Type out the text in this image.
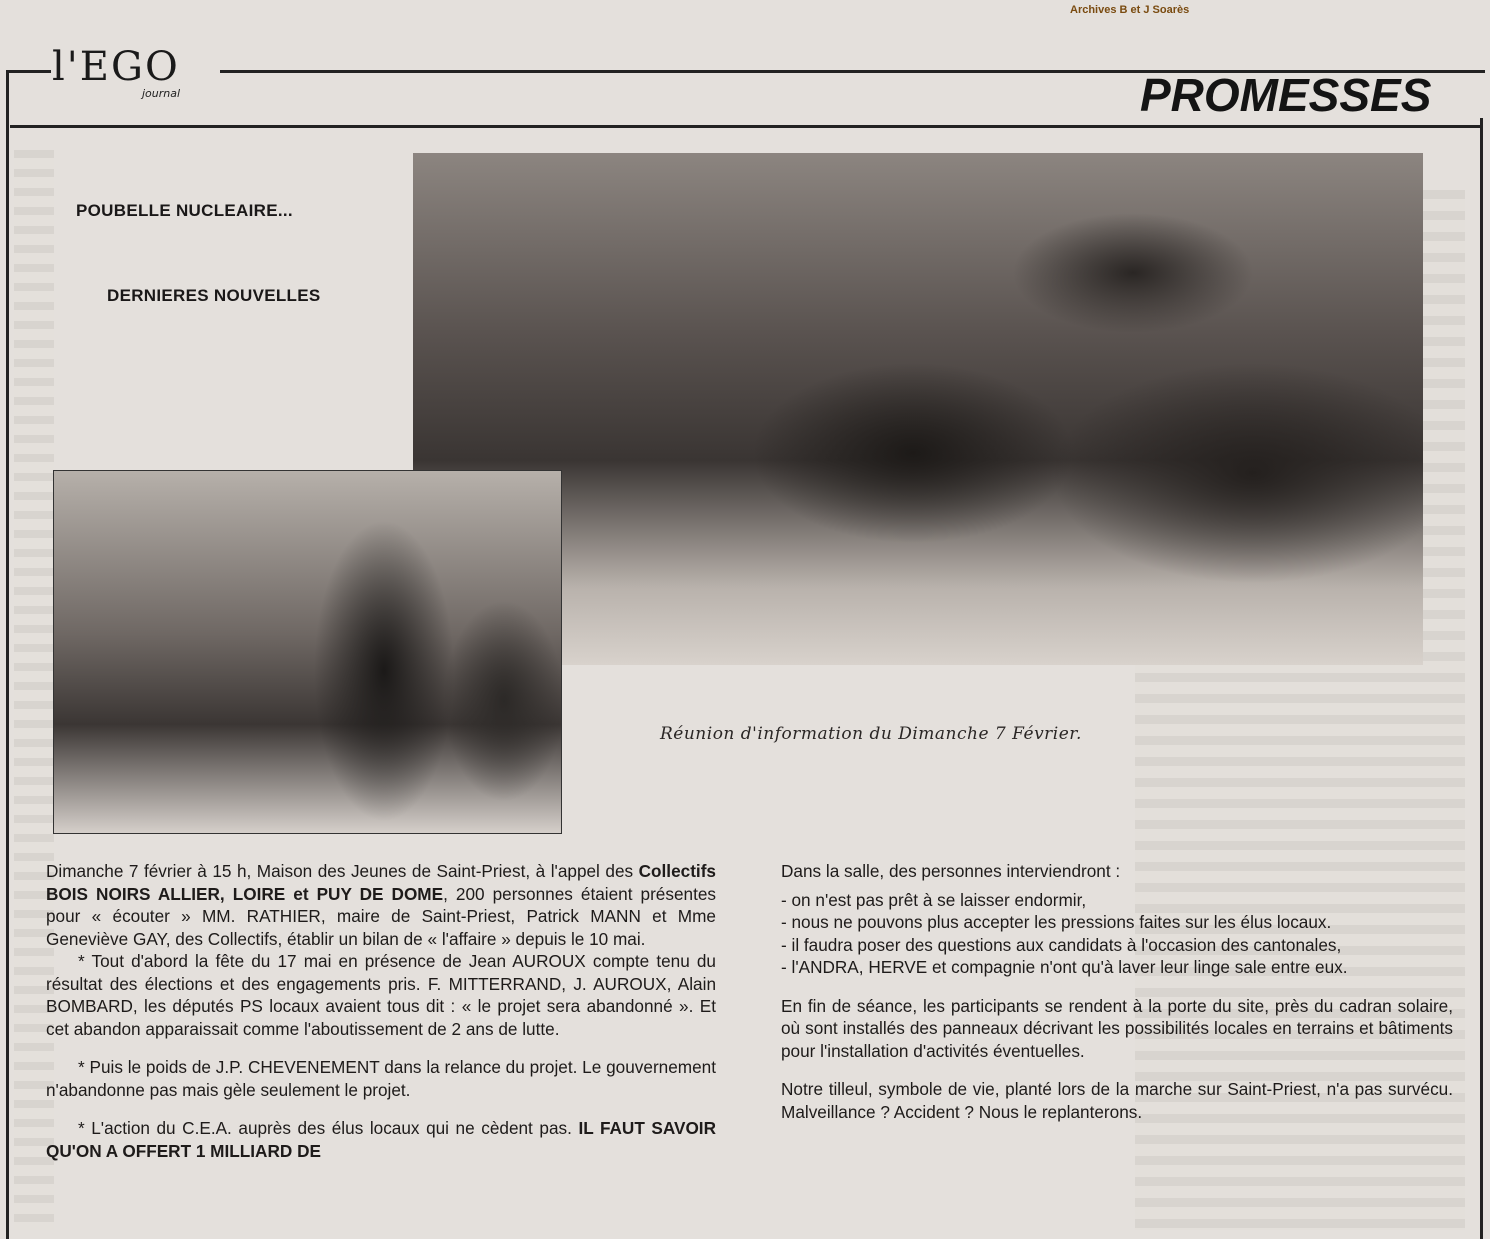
Archives B et J Soarès
l'EGO
journal	PROMESSES
POUBELLE NUCLEAIRE...
DERNIERES NOUVELLES
Réunion d'information du Dimanche 7 Février.

Dimanche 7 février à 15 h, Maison des Jeunes de Saint-Priest, à l'appel des Collectifs BOIS NOIRS ALLIER, LOIRE et PUY DE DOME, 200 personnes étaient présentes pour « écouter » MM. RATHIER, maire de Saint-Priest, Patrick MANN et Mme Geneviève GAY, des Collectifs, établir un bilan de « l'affaire » depuis le 10 mai.

* Tout d'abord la fête du 17 mai en présence de Jean AUROUX compte tenu du résultat des élections et des engagements pris. F. MITTERRAND, J. AUROUX, Alain BOMBARD, les députés PS locaux avaient tous dit : « le projet sera abandonné ». Et cet abandon apparaissait comme l'aboutissement de 2 ans de lutte.

* Puis le poids de J.P. CHEVENEMENT dans la relance du projet. Le gouvernement n'abandonne pas mais gèle seulement le projet.

* L'action du C.E.A. auprès des élus locaux qui ne cèdent pas. IL FAUT SAVOIR QU'ON A OFFERT 1 MILLIARD DE

Dans la salle, des personnes interviendront :

- on n'est pas prêt à se laisser endormir,

- nous ne pouvons plus accepter les pressions faites sur les élus locaux.

- il faudra poser des questions aux candidats à l'occasion des cantonales,

- l'ANDRA, HERVE et compagnie n'ont qu'à laver leur linge sale entre eux.

En fin de séance, les participants se rendent à la porte du site, près du cadran solaire, où sont installés des panneaux décrivant les possibilités locales en terrains et bâtiments pour l'installation d'activités éventuelles.

Notre tilleul, symbole de vie, planté lors de la marche sur Saint-Priest, n'a pas survécu. Malveillance ? Accident ? Nous le replanterons.
